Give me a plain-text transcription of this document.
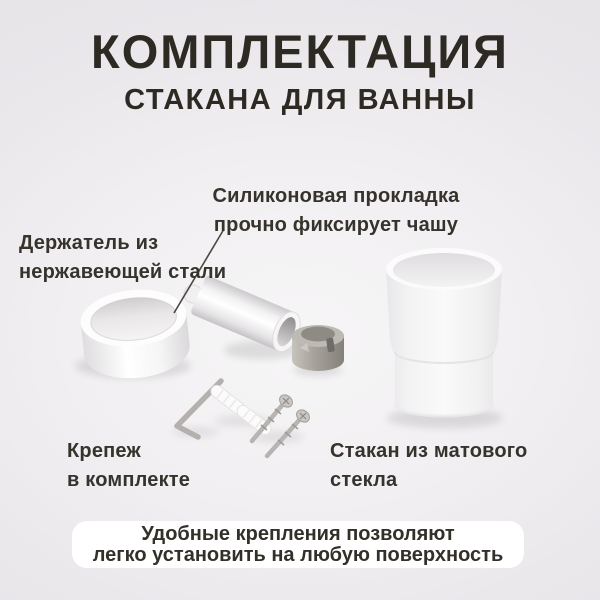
КОМПЛЕКТАЦИЯ
СТАКАНА ДЛЯ ВАННЫ
Силиконовая прокладка
прочно фиксирует чашу
Держатель из
нержавеющей стали
Крепеж
в комплекте
Стакан из матового
стекла
Удобные крепления позволяют
легко установить на любую поверхность
